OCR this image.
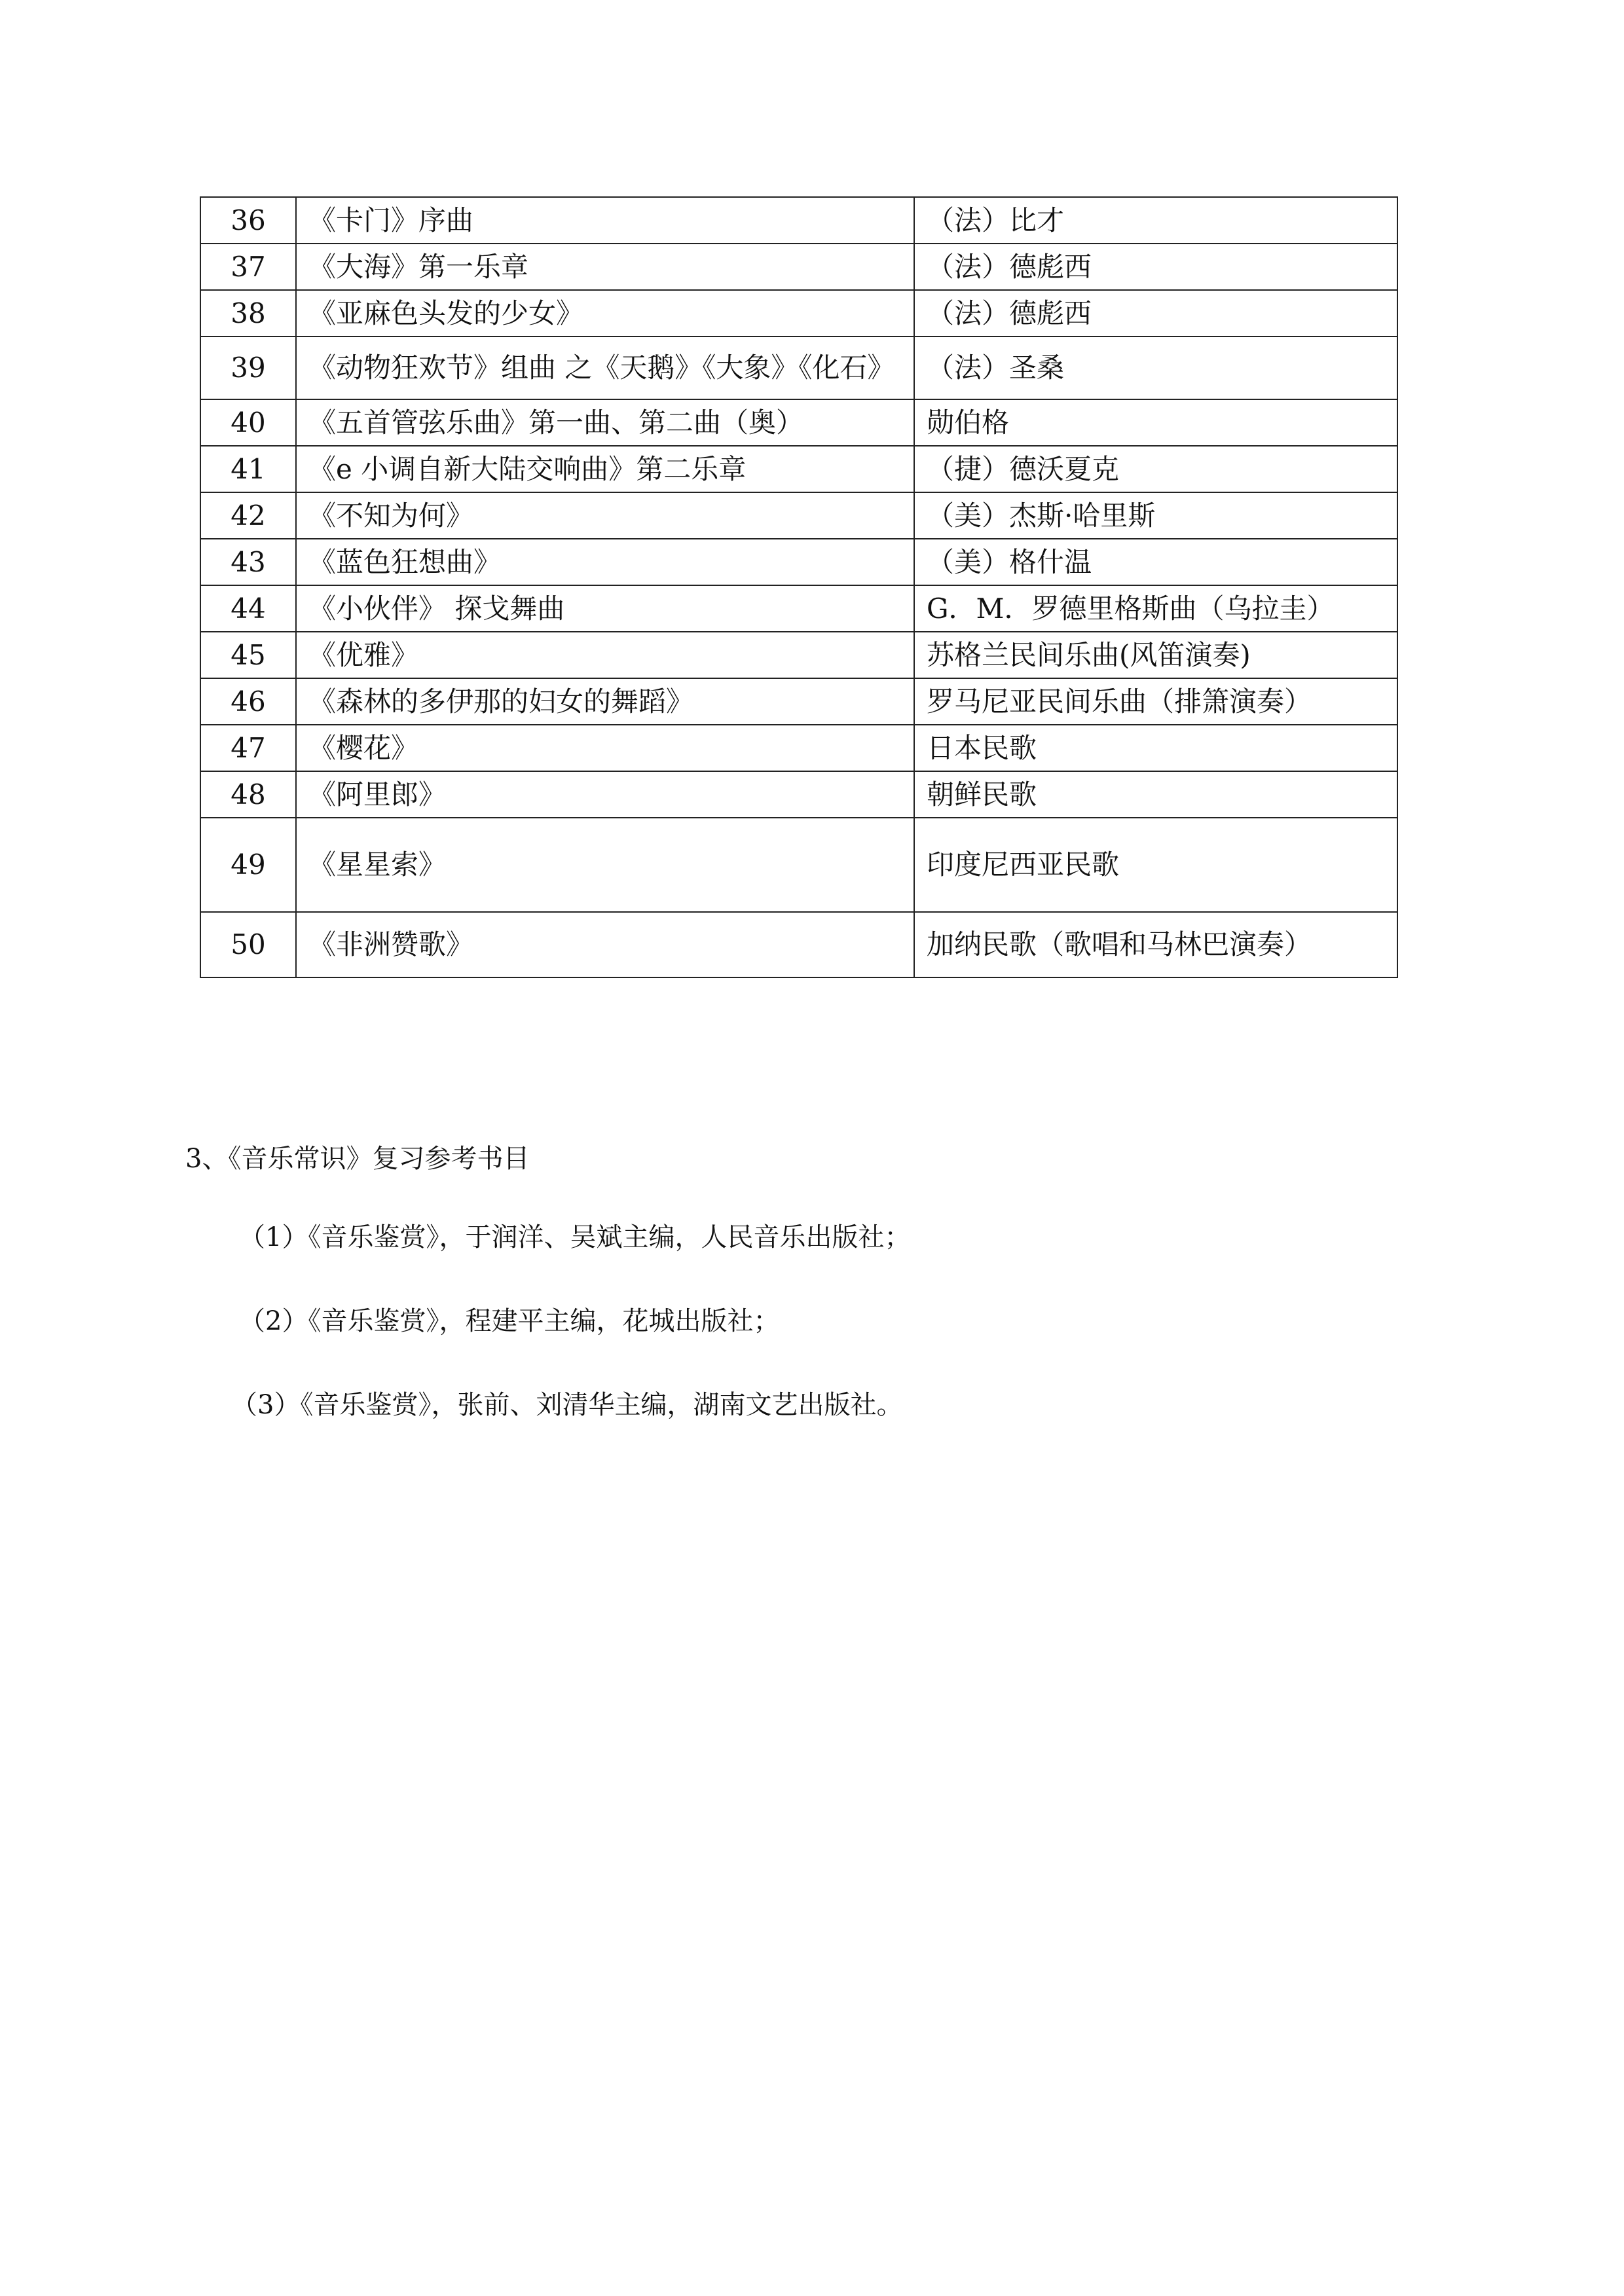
36	《卡门》序曲	（法）比才
37	《大海》第一乐章	（法）德彪西
38	《亚麻色头发的少女》	（法）德彪西
39	《动物狂欢节》组曲 之《天鹅》《大象》《化石》	（法）圣桑
40	《五首管弦乐曲》第一曲、第二曲（奥）	勋伯格
41	《e 小调自新大陆交响曲》第二乐章	（捷）德沃夏克
42	《不知为何》	（美）杰斯·哈里斯
43	《蓝色狂想曲》	（美）格什温
44	《小伙伴》 探戈舞曲	G．M．罗德里格斯曲（乌拉圭）
45	《优雅》	苏格兰民间乐曲(风笛演奏)
46	《森林的多伊那的妇女的舞蹈》	罗马尼亚民间乐曲（排箫演奏）
47	《樱花》	日本民歌
48	《阿里郎》	朝鲜民歌
49	《星星索》	印度尼西亚民歌
50	《非洲赞歌》	加纳民歌（歌唱和马林巴演奏）
3、《音乐常识》复习参考书目
（1）《音乐鉴赏》，于润洋、吴斌主编，人民音乐出版社；
（2）《音乐鉴赏》，程建平主编，花城出版社；
（3）《音乐鉴赏》，张前、刘清华主编，湖南文艺出版社。
